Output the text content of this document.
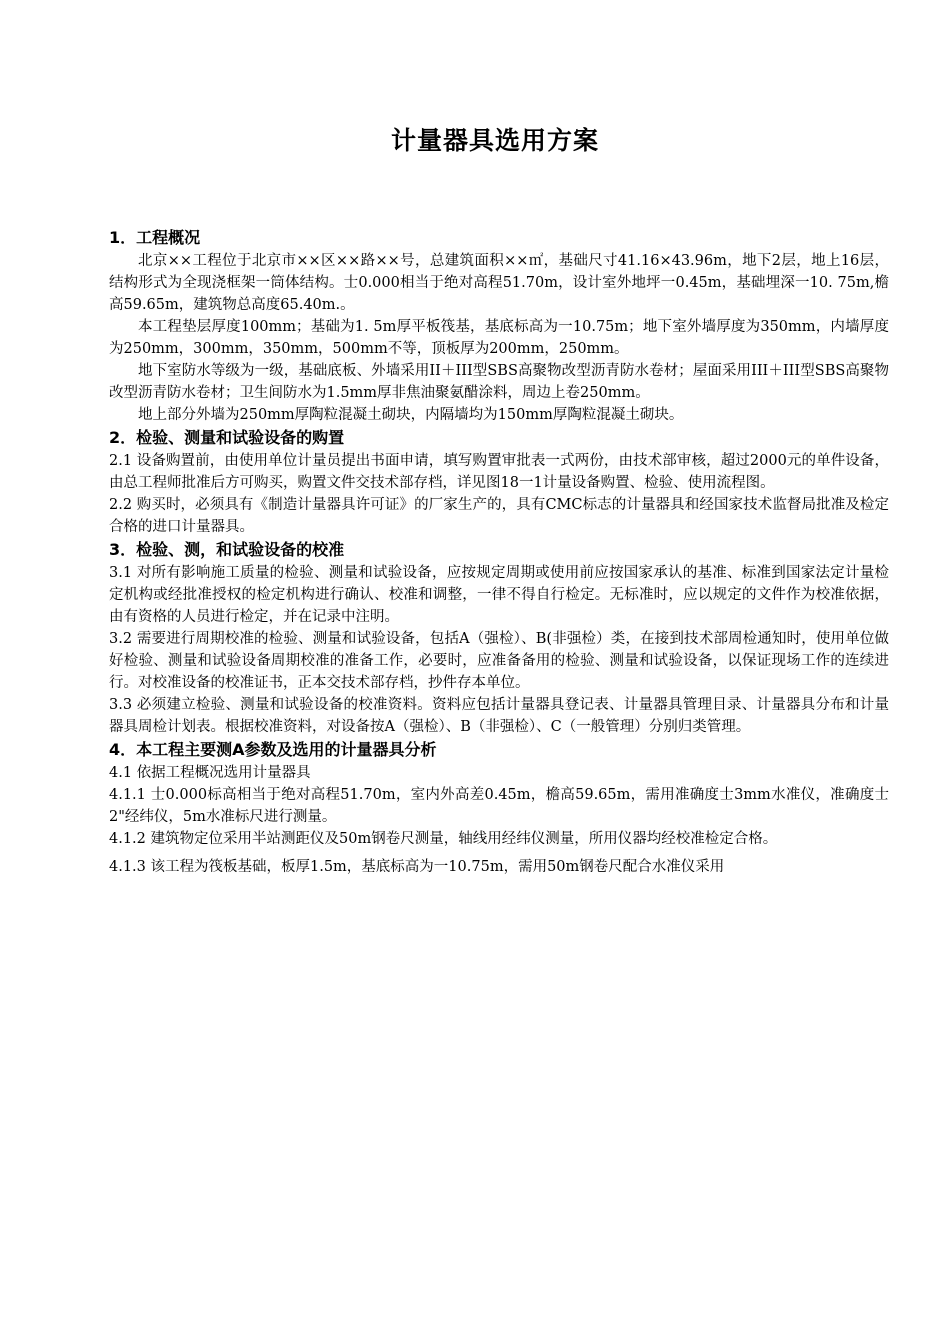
计量器具选用方案
1．工程概况

北京××工程位于北京市××区××路××号，总建筑面积××㎡，基础尺寸41.16×43.96m，地下2层，地上16层，结构形式为全现浇框架一筒体结构。士0.000相当于绝对高程51.70m，设计室外地坪一0.45m，基础埋深一10. 75m,檐高59.65m，建筑物总高度65.40m.。

本工程垫层厚度100mm；基础为1. 5m厚平板筏基，基底标高为一10.75m；地下室外墙厚度为350mm，内墙厚度为250mm，300mm，350mm，500mm不等，顶板厚为200mm，250mm。

地下室防水等级为一级，基础底板、外墙采用II＋III型SBS高聚物改型沥青防水卷材；屋面采用III＋III型SBS高聚物改型沥青防水卷材；卫生间防水为1.5mm厚非焦油聚氨醋涂料，周边上卷250mm。

地上部分外墙为250mm厚陶粒混凝土砌块，内隔墙均为150mm厚陶粒混凝土砌块。

2．检验、测量和试验设备的购置

2.1 设备购置前，由使用单位计量员提出书面申请，填写购置审批表一式两份，由技术部审核，超过2000元的单件设备，由总工程师批准后方可购买，购置文件交技术部存档，详见图18一1计量设备购置、检验、使用流程图。

2.2 购买时，必须具有《制造计量器具许可证》的厂家生产的，具有CMC标志的计量器具和经国家技术监督局批准及检定合格的进口计量器具。

3．检验、测，和试验设备的校准

3.1 对所有影响施工质量的检验、测量和试验设备，应按规定周期或使用前应按国家承认的基准、标准到国家法定计量检定机构或经批准授权的检定机构进行确认、校准和调整，一律不得自行检定。无标准时，应以规定的文件作为校准依据，由有资格的人员进行检定，并在记录中注明。

3.2 需要进行周期校准的检验、测量和试验设备，包括A（强检）、B(非强检）类，在接到技术部周检通知时，使用单位做好检验、测量和试验设备周期校准的准备工作，必要时，应准备备用的检验、测量和试验设备，以保证现场工作的连续进行。对校准设备的校准证书，正本交技术部存档，抄件存本单位。

3.3 必须建立检验、测量和试验设备的校准资料。资料应包括计量器具登记表、计量器具管理目录、计量器具分布和计量器具周检计划表。根据校准资料，对设备按A（强检）、B（非强检）、C（一般管理）分别归类管理。

4．本工程主要测A参数及选用的计量器具分析

4.1 依据工程概况选用计量器具

4.1.1 士0.000标高相当于绝对高程51.70m，室内外高差0.45m，檐高59.65m，需用准确度士3mm水准仪，准确度士2"经纬仪，5m水准标尺进行测量。

4.1.2 建筑物定位采用半站测距仪及50m钢卷尺测量，轴线用经纬仪测量，所用仪器均经校准检定合格。

4.1.3 该工程为筏板基础，板厚1.5m，基底标高为一10.75m，需用50m钢卷尺配合水准仪采用
